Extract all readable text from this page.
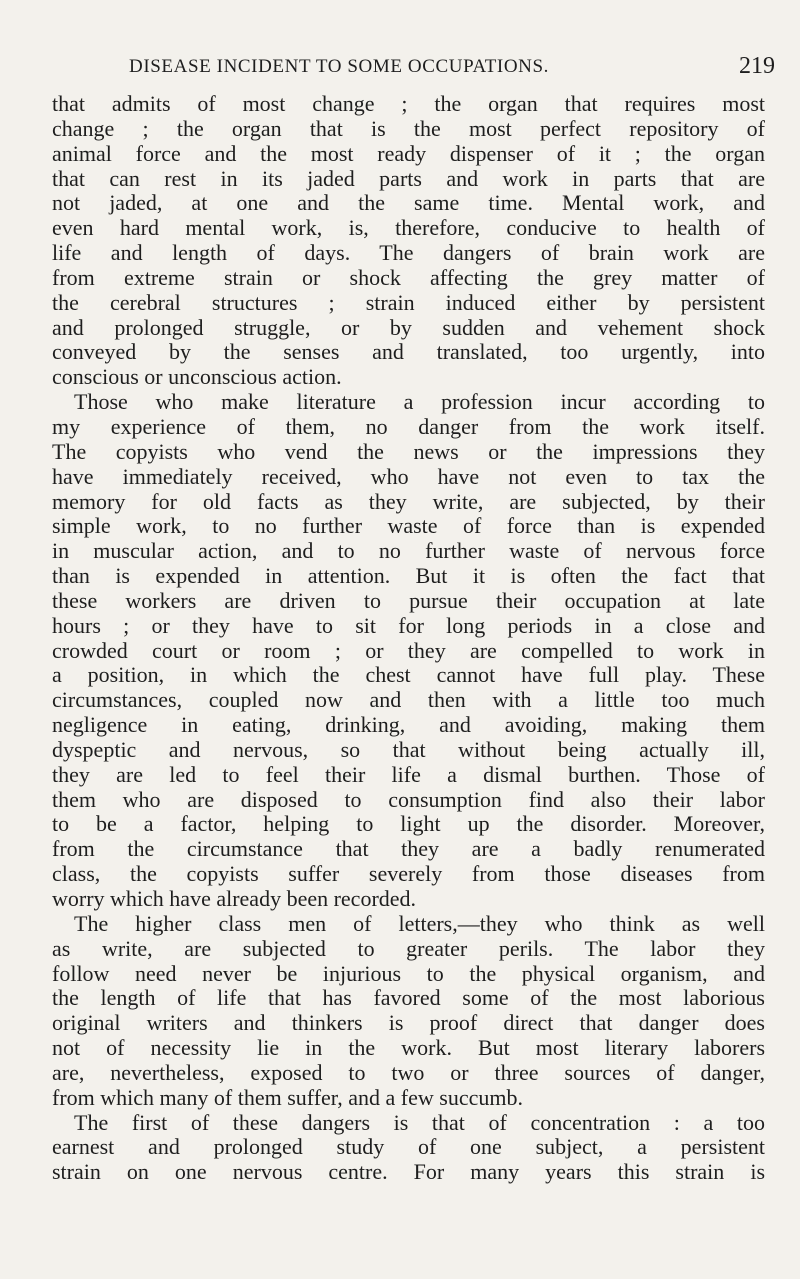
DISEASE INCIDENT TO SOME OCCUPATIONS.	219
that admits of most change ; the organ that requires most
change ; the organ that is the most perfect repository of
animal force and the most ready dispenser of it ; the organ
that can rest in its jaded parts and work in parts that are
not jaded, at one and the same time. Mental work, and
even hard mental work, is, therefore, conducive to health of
life and length of days. The dangers of brain work are
from extreme strain or shock affecting the grey matter of
the cerebral structures ; strain induced either by persistent
and prolonged struggle, or by sudden and vehement shock
conveyed by the senses and translated, too urgently, into
conscious or unconscious action.
Those who make literature a profession incur according to
my experience of them, no danger from the work itself.
The copyists who vend the news or the impressions they
have immediately received, who have not even to tax the
memory for old facts as they write, are subjected, by their
simple work, to no further waste of force than is expended
in muscular action, and to no further waste of nervous force
than is expended in attention. But it is often the fact that
these workers are driven to pursue their occupation at late
hours ; or they have to sit for long periods in a close and
crowded court or room ; or they are compelled to work in
a position, in which the chest cannot have full play. These
circumstances, coupled now and then with a little too much
negligence in eating, drinking, and avoiding, making them
dyspeptic and nervous, so that without being actually ill,
they are led to feel their life a dismal burthen. Those of
them who are disposed to consumption find also their labor
to be a factor, helping to light up the disorder. Moreover,
from the circumstance that they are a badly renumerated
class, the copyists suffer severely from those diseases from
worry which have already been recorded.
The higher class men of letters,—they who think as well
as write, are subjected to greater perils. The labor they
follow need never be injurious to the physical organism, and
the length of life that has favored some of the most laborious
original writers and thinkers is proof direct that danger does
not of necessity lie in the work. But most literary laborers
are, nevertheless, exposed to two or three sources of danger,
from which many of them suffer, and a few succumb.
The first of these dangers is that of concentration : a too
earnest and prolonged study of one subject, a persistent
strain on one nervous centre. For many years this strain is
